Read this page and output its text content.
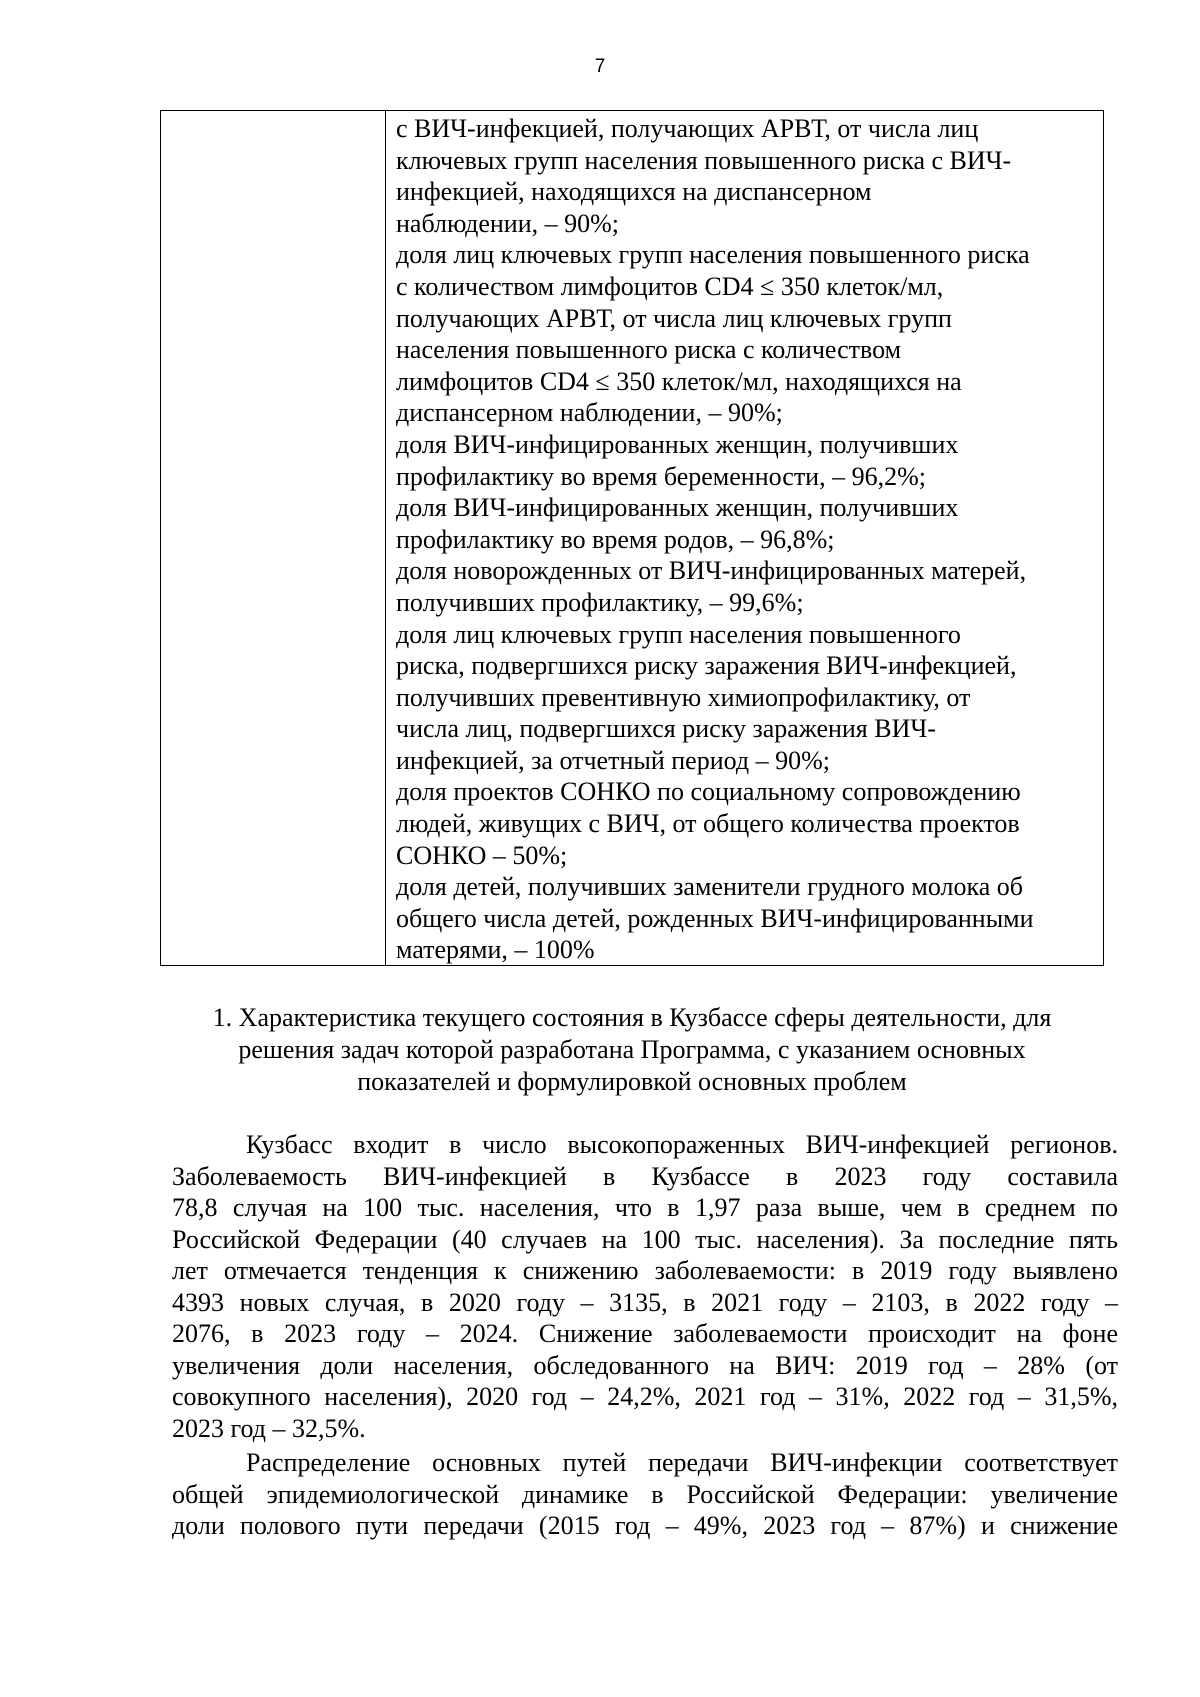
7
с ВИЧ-инфекцией, получающих АРВТ, от числа лиц
ключевых групп населения повышенного риска с ВИЧ-
инфекцией, находящихся на диспансерном
наблюдении, – 90%;
доля лиц ключевых групп населения повышенного риска
с количеством лимфоцитов CD4 ≤ 350 клеток/мл,
получающих АРВТ, от числа лиц ключевых групп
населения повышенного риска с количеством
лимфоцитов CD4 ≤ 350 клеток/мл, находящихся на
диспансерном наблюдении, – 90%;
доля ВИЧ-инфицированных женщин, получивших
профилактику во время беременности, – 96,2%;
доля ВИЧ-инфицированных женщин, получивших
профилактику во время родов, – 96,8%;
доля новорожденных от ВИЧ-инфицированных матерей,
получивших профилактику, – 99,6%;
доля лиц ключевых групп населения повышенного
риска, подвергшихся риску заражения ВИЧ-инфекцией,
получивших превентивную химиопрофилактику, от
числа лиц, подвергшихся риску заражения ВИЧ-
инфекцией, за отчетный период – 90%;
доля проектов СОНКО по социальному сопровождению
людей, живущих с ВИЧ, от общего количества проектов
СОНКО – 50%;
доля детей, получивших заменители грудного молока об
общего числа детей, рожденных ВИЧ-инфицированными
матерями, – 100%
1. Характеристика текущего состояния в Кузбассе сферы деятельности, для
решения задач которой разработана Программа, с указанием основных
показателей и формулировкой основных проблем
Кузбасс входит в число высокопораженных ВИЧ-инфекцией регионов.
Заболеваемость ВИЧ-инфекцией в Кузбассе в 2023 году составила
78,8 случая на 100 тыс. населения, что в 1,97 раза выше, чем в среднем по
Российской Федерации (40 случаев на 100 тыс. населения). За последние пять
лет отмечается тенденция к снижению заболеваемости: в 2019 году выявлено
4393 новых случая, в 2020 году – 3135, в 2021 году – 2103, в 2022 году –
2076, в 2023 году – 2024. Снижение заболеваемости происходит на фоне
увеличения доли населения, обследованного на ВИЧ: 2019 год – 28% (от
совокупного населения), 2020 год – 24,2%, 2021 год – 31%, 2022 год – 31,5%,
2023 год – 32,5%.
Распределение основных путей передачи ВИЧ-инфекции соответствует
общей эпидемиологической динамике в Российской Федерации: увеличение
доли полового пути передачи (2015 год – 49%, 2023 год – 87%) и снижение
